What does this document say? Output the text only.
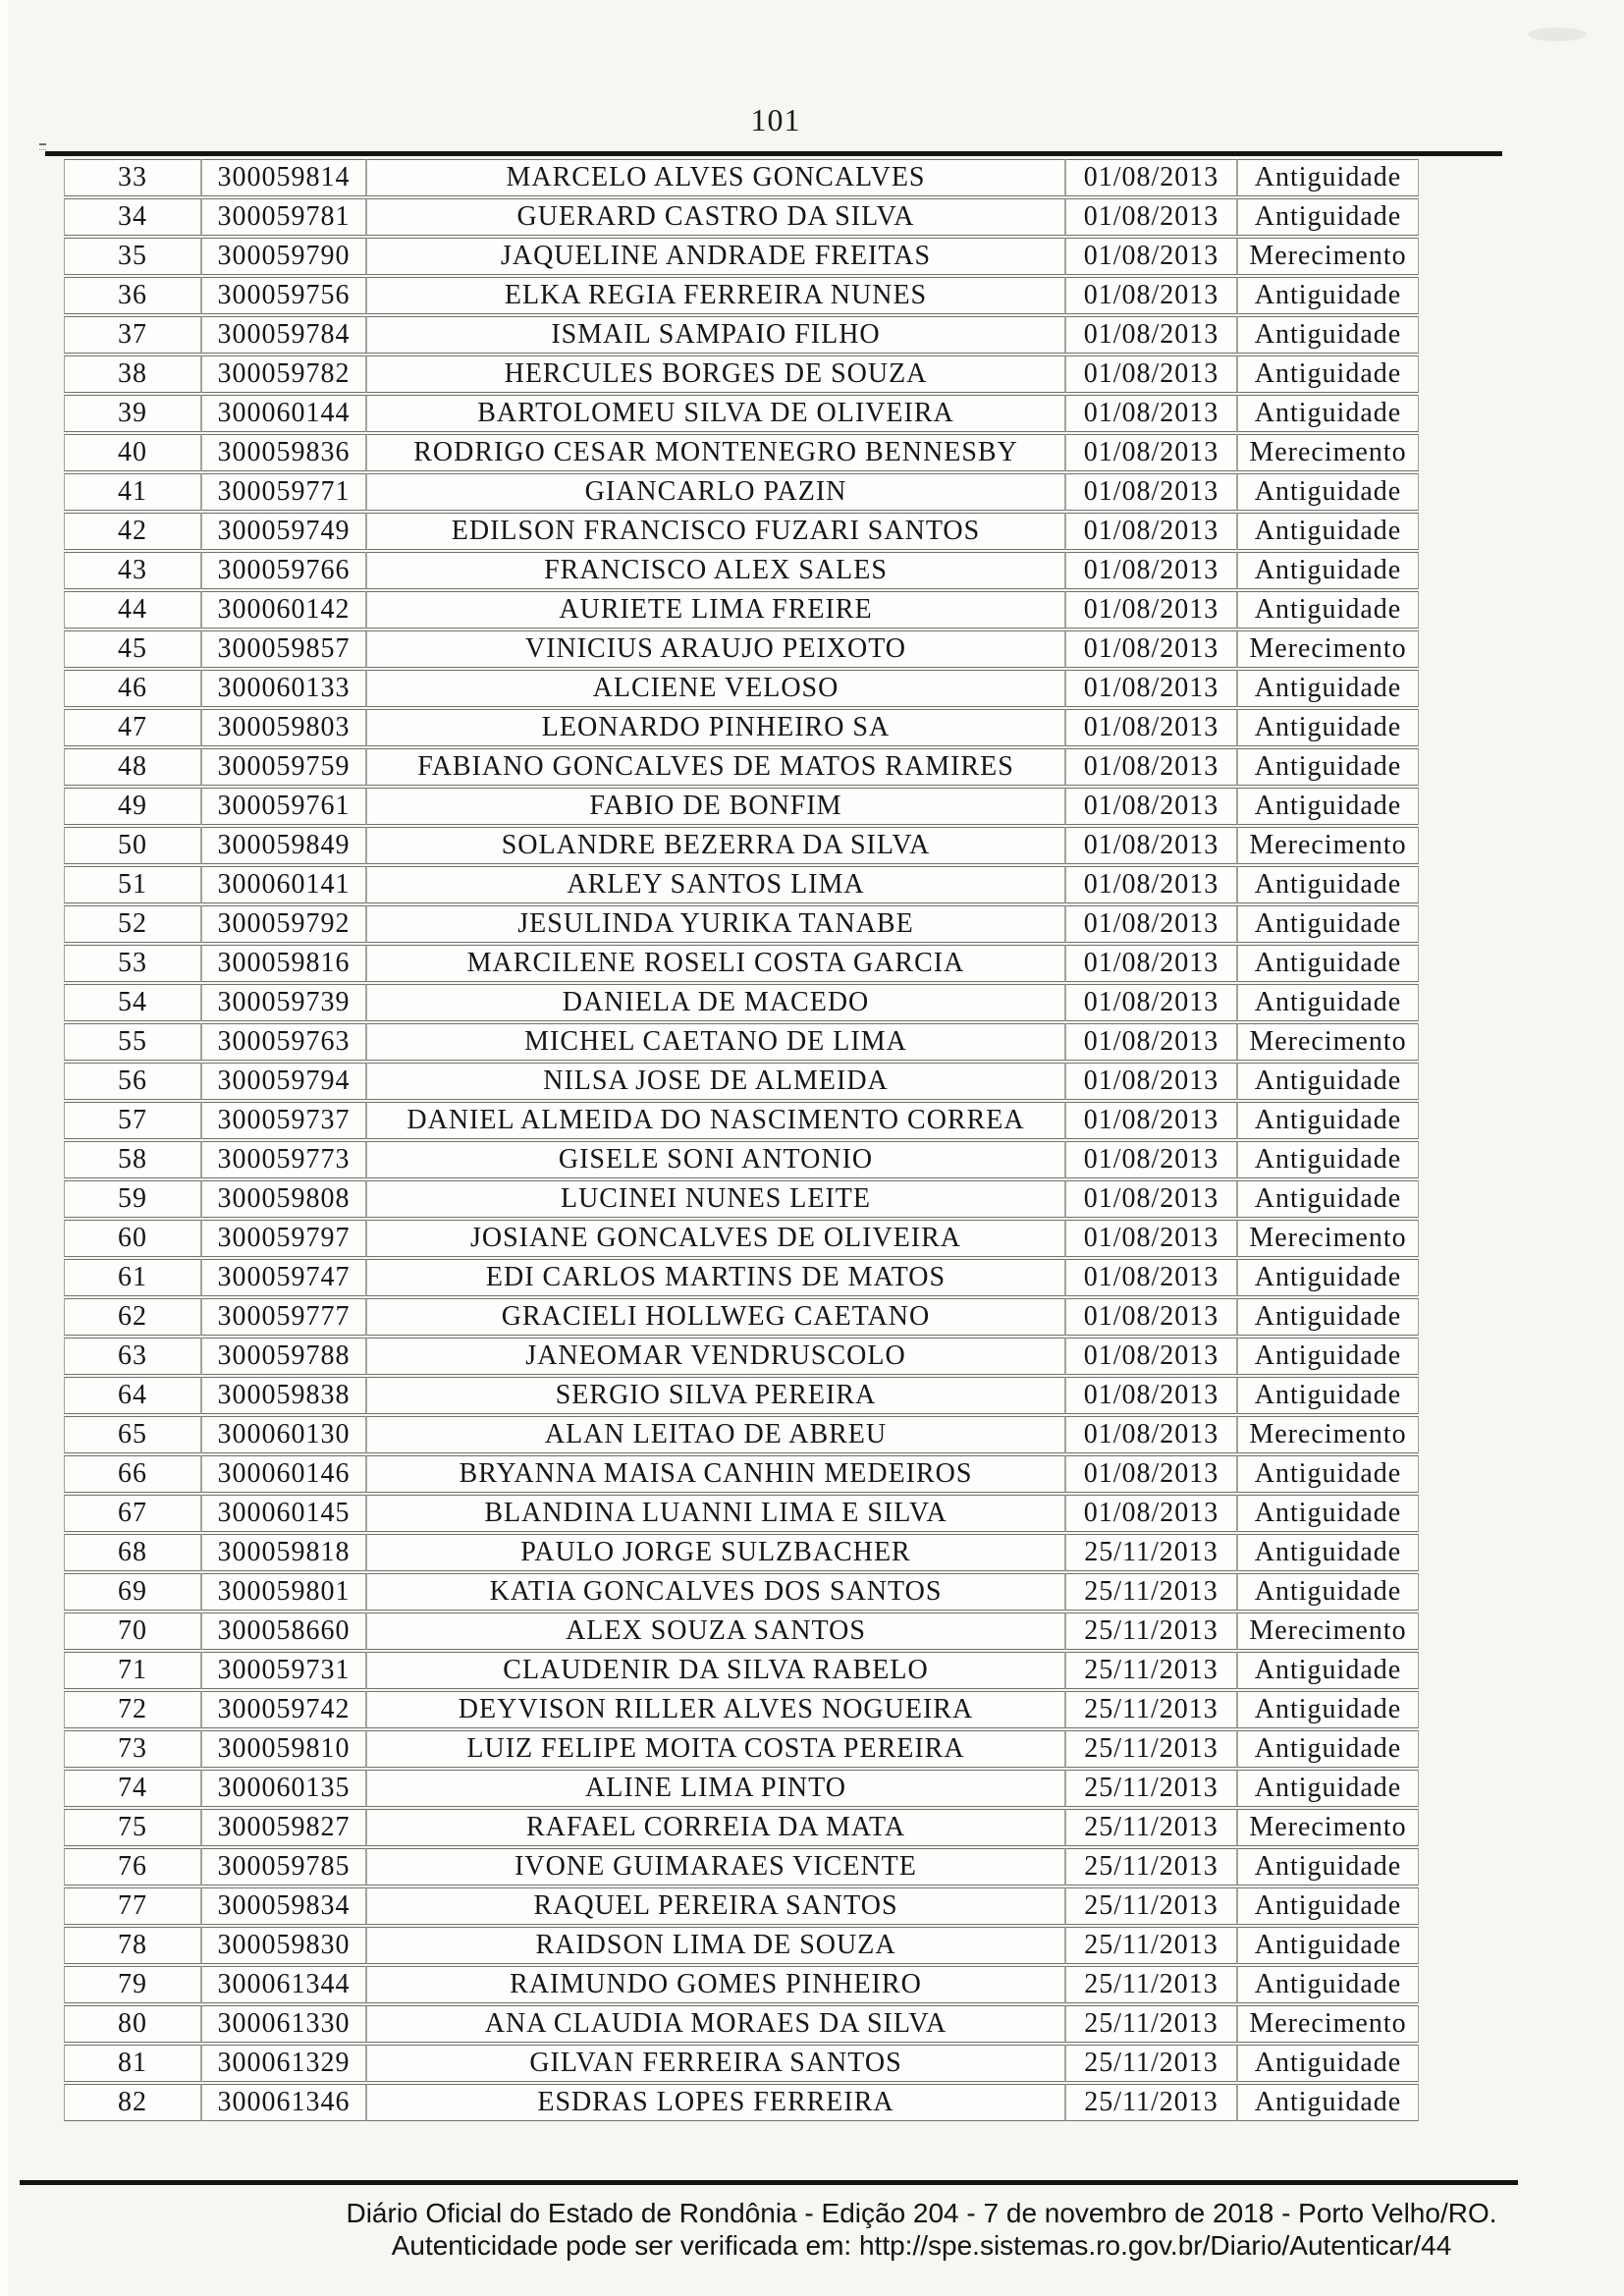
101
33	300059814	MARCELO ALVES GONCALVES	01/08/2013	Antiguidade
34	300059781	GUERARD CASTRO DA SILVA	01/08/2013	Antiguidade
35	300059790	JAQUELINE ANDRADE FREITAS	01/08/2013	Merecimento
36	300059756	ELKA REGIA FERREIRA NUNES	01/08/2013	Antiguidade
37	300059784	ISMAIL SAMPAIO FILHO	01/08/2013	Antiguidade
38	300059782	HERCULES BORGES DE SOUZA	01/08/2013	Antiguidade
39	300060144	BARTOLOMEU SILVA DE OLIVEIRA	01/08/2013	Antiguidade
40	300059836	RODRIGO CESAR MONTENEGRO BENNESBY	01/08/2013	Merecimento
41	300059771	GIANCARLO PAZIN	01/08/2013	Antiguidade
42	300059749	EDILSON FRANCISCO FUZARI SANTOS	01/08/2013	Antiguidade
43	300059766	FRANCISCO ALEX SALES	01/08/2013	Antiguidade
44	300060142	AURIETE LIMA FREIRE	01/08/2013	Antiguidade
45	300059857	VINICIUS ARAUJO PEIXOTO	01/08/2013	Merecimento
46	300060133	ALCIENE VELOSO	01/08/2013	Antiguidade
47	300059803	LEONARDO PINHEIRO SA	01/08/2013	Antiguidade
48	300059759	FABIANO GONCALVES DE MATOS RAMIRES	01/08/2013	Antiguidade
49	300059761	FABIO DE BONFIM	01/08/2013	Antiguidade
50	300059849	SOLANDRE BEZERRA DA SILVA	01/08/2013	Merecimento
51	300060141	ARLEY SANTOS LIMA	01/08/2013	Antiguidade
52	300059792	JESULINDA YURIKA TANABE	01/08/2013	Antiguidade
53	300059816	MARCILENE ROSELI COSTA GARCIA	01/08/2013	Antiguidade
54	300059739	DANIELA DE MACEDO	01/08/2013	Antiguidade
55	300059763	MICHEL CAETANO DE LIMA	01/08/2013	Merecimento
56	300059794	NILSA JOSE DE ALMEIDA	01/08/2013	Antiguidade
57	300059737	DANIEL ALMEIDA DO NASCIMENTO CORREA	01/08/2013	Antiguidade
58	300059773	GISELE SONI ANTONIO	01/08/2013	Antiguidade
59	300059808	LUCINEI NUNES LEITE	01/08/2013	Antiguidade
60	300059797	JOSIANE GONCALVES DE OLIVEIRA	01/08/2013	Merecimento
61	300059747	EDI CARLOS MARTINS DE MATOS	01/08/2013	Antiguidade
62	300059777	GRACIELI HOLLWEG CAETANO	01/08/2013	Antiguidade
63	300059788	JANEOMAR VENDRUSCOLO	01/08/2013	Antiguidade
64	300059838	SERGIO SILVA PEREIRA	01/08/2013	Antiguidade
65	300060130	ALAN LEITAO DE ABREU	01/08/2013	Merecimento
66	300060146	BRYANNA MAISA CANHIN MEDEIROS	01/08/2013	Antiguidade
67	300060145	BLANDINA LUANNI LIMA E SILVA	01/08/2013	Antiguidade
68	300059818	PAULO JORGE SULZBACHER	25/11/2013	Antiguidade
69	300059801	KATIA GONCALVES DOS SANTOS	25/11/2013	Antiguidade
70	300058660	ALEX SOUZA SANTOS	25/11/2013	Merecimento
71	300059731	CLAUDENIR DA SILVA RABELO	25/11/2013	Antiguidade
72	300059742	DEYVISON RILLER ALVES NOGUEIRA	25/11/2013	Antiguidade
73	300059810	LUIZ FELIPE MOITA COSTA PEREIRA	25/11/2013	Antiguidade
74	300060135	ALINE LIMA PINTO	25/11/2013	Antiguidade
75	300059827	RAFAEL CORREIA DA MATA	25/11/2013	Merecimento
76	300059785	IVONE GUIMARAES VICENTE	25/11/2013	Antiguidade
77	300059834	RAQUEL PEREIRA SANTOS	25/11/2013	Antiguidade
78	300059830	RAIDSON LIMA DE SOUZA	25/11/2013	Antiguidade
79	300061344	RAIMUNDO GOMES PINHEIRO	25/11/2013	Antiguidade
80	300061330	ANA CLAUDIA MORAES DA SILVA	25/11/2013	Merecimento
81	300061329	GILVAN FERREIRA SANTOS	25/11/2013	Antiguidade
82	300061346	ESDRAS LOPES FERREIRA	25/11/2013	Antiguidade
Diário Oficial do Estado de Rondônia - Edição 204 - 7 de novembro de 2018 - Porto Velho/RO.
Autenticidade pode ser verificada em: http://spe.sistemas.ro.gov.br/Diario/Autenticar/44
